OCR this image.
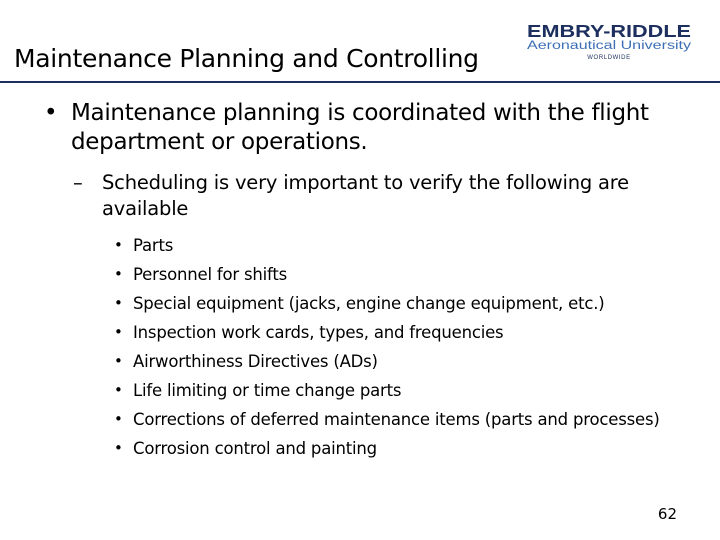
Maintenance Planning and Controlling
EMBRY-RIDDLE
Aeronautical University
WORLDWIDE
• Maintenance planning is coordinated with the flight department or operations.
– Scheduling is very important to verify the following are available
• Parts
• Personnel for shifts
• Special equipment (jacks, engine change equipment, etc.)
• Inspection work cards, types, and frequencies
• Airworthiness Directives (ADs)
• Life limiting or time change parts
• Corrections of deferred maintenance items (parts and processes)
• Corrosion control and painting
62
